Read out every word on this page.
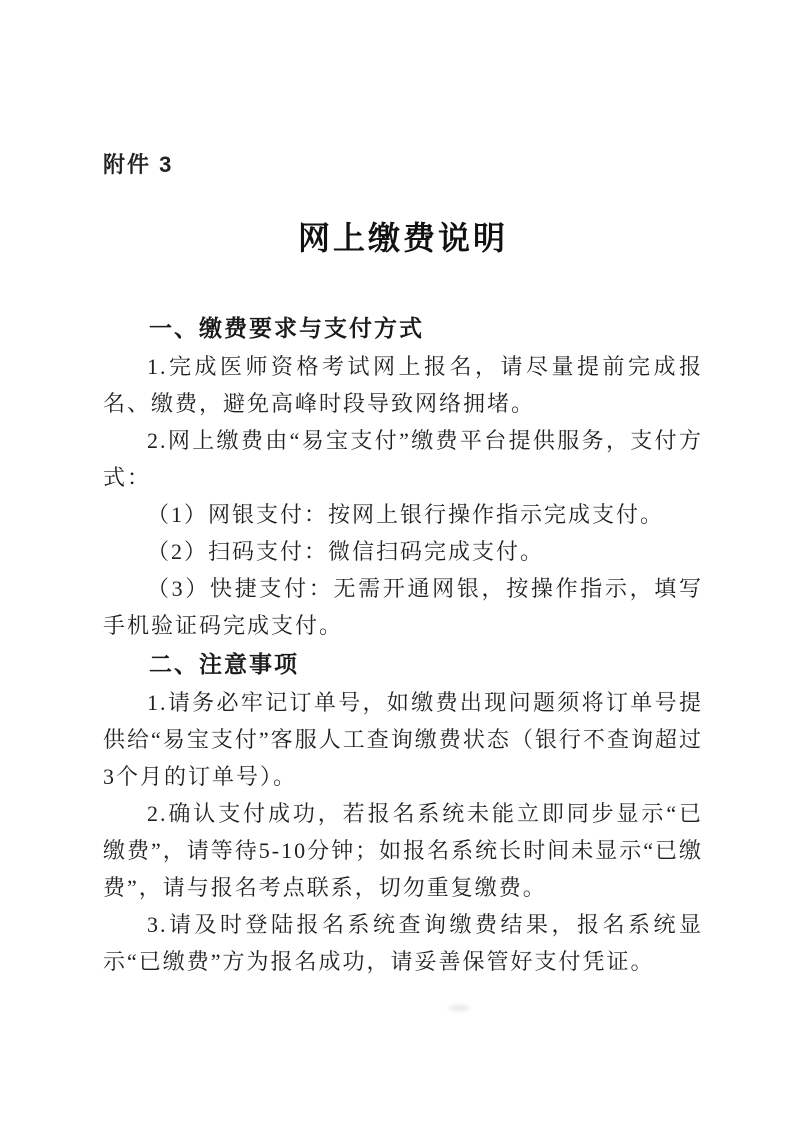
附件 3
网上缴费说明
一、缴费要求与支付方式

1.完成医师资格考试网上报名，请尽量提前完成报名、缴费，避免高峰时段导致网络拥堵。

2.网上缴费由“易宝支付”缴费平台提供服务，支付方式：

（1）网银支付：按网上银行操作指示完成支付。

（2）扫码支付：微信扫码完成支付。

（3）快捷支付：无需开通网银，按操作指示，填写手机验证码完成支付。

二、注意事项

1.请务必牢记订单号，如缴费出现问题须将订单号提供给“易宝支付”客服人工查询缴费状态（银行不查询超过3个月的订单号）。

2.确认支付成功，若报名系统未能立即同步显示“已缴费”，请等待5-10分钟；如报名系统长时间未显示“已缴费”，请与报名考点联系，切勿重复缴费。

3.请及时登陆报名系统查询缴费结果，报名系统显示“已缴费”方为报名成功，请妥善保管好支付凭证。
